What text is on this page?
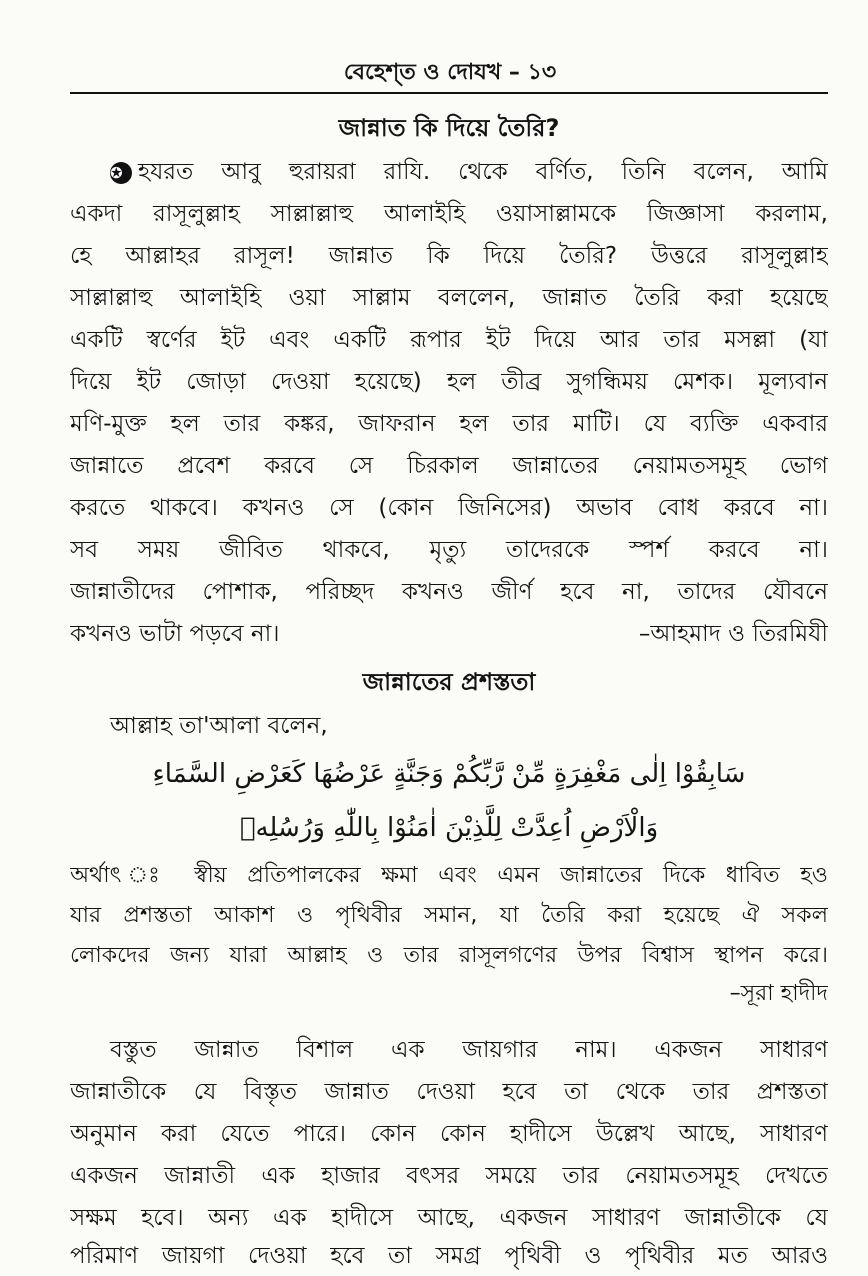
বেহেশ্‌ত ও দোযখ – ১৩
জান্নাত কি দিয়ে তৈরি?

✪ হযরত আবু হুরায়রা রাযি. থেকে বর্ণিত, তিনি বলেন, আমি

একদা রাসূলুল্লাহ সাল্লাল্লাহু আলাইহি ওয়াসাল্লামকে জিজ্ঞাসা করলাম,

হে আল্লাহর রাসূল! জান্নাত কি দিয়ে তৈরি? উত্তরে রাসূলুল্লাহ

সাল্লাল্লাহু আলাইহি ওয়া সাল্লাম বললেন, জান্নাত তৈরি করা হয়েছে

একটি স্বর্ণের ইট এবং একটি রূপার ইট দিয়ে আর তার মসল্লা (যা

দিয়ে ইট জোড়া দেওয়া হয়েছে) হল তীব্র সুগন্ধিময় মেশক। মূল্যবান

মণি-মুক্ত হল তার কঙ্কর, জাফরান হল তার মাটি। যে ব্যক্তি একবার

জান্নাতে প্রবেশ করবে সে চিরকাল জান্নাতের নেয়ামতসমূহ ভোগ

করতে থাকবে। কখনও সে (কোন জিনিসের) অভাব বোধ করবে না।

সব সময় জীবিত থাকবে, মৃত্যু তাদেরকে স্পর্শ করবে না।

জান্নাতীদের পোশাক, পরিচ্ছদ কখনও জীর্ণ হবে না, তাদের যৌবনে

কখনও ভাটা পড়বে না।	–আহমাদ ও তিরমিযী
জান্নাতের প্রশস্ততা

আল্লাহ তা'আলা বলেন,

سَابِقُوْا اِلٰى مَغْفِرَةٍ مِّنْ رَّبِّكُمْ وَجَنَّةٍ عَرْضُهَا كَعَرْضِ السَّمَاءِ
وَالْاَرْضِ اُعِدَّتْ لِلَّذِيْنَ اٰمَنُوْا بِاللّٰهِ وَرُسُلِهٖ

অর্থাৎ ঃ স্বীয় প্রতিপালকের ক্ষমা এবং এমন জান্নাতের দিকে ধাবিত হও

যার প্রশস্ততা আকাশ ও পৃথিবীর সমান, যা তৈরি করা হয়েছে ঐ সকল

লোকদের জন্য যারা আল্লাহ ও তার রাসূলগণের উপর বিশ্বাস স্থাপন করে।

–সূরা হাদীদ

বস্তুত জান্নাত বিশাল এক জায়গার নাম। একজন সাধারণ

জান্নাতীকে যে বিস্তৃত জান্নাত দেওয়া হবে তা থেকে তার প্রশস্ততা

অনুমান করা যেতে পারে। কোন কোন হাদীসে উল্লেখ আছে, সাধারণ

একজন জান্নাতী এক হাজার বৎসর সময়ে তার নেয়ামতসমূহ দেখতে

সক্ষম হবে। অন্য এক হাদীসে আছে, একজন সাধারণ জান্নাতীকে যে

পরিমাণ জায়গা দেওয়া হবে তা সমগ্র পৃথিবী ও পৃথিবীর মত আরও
